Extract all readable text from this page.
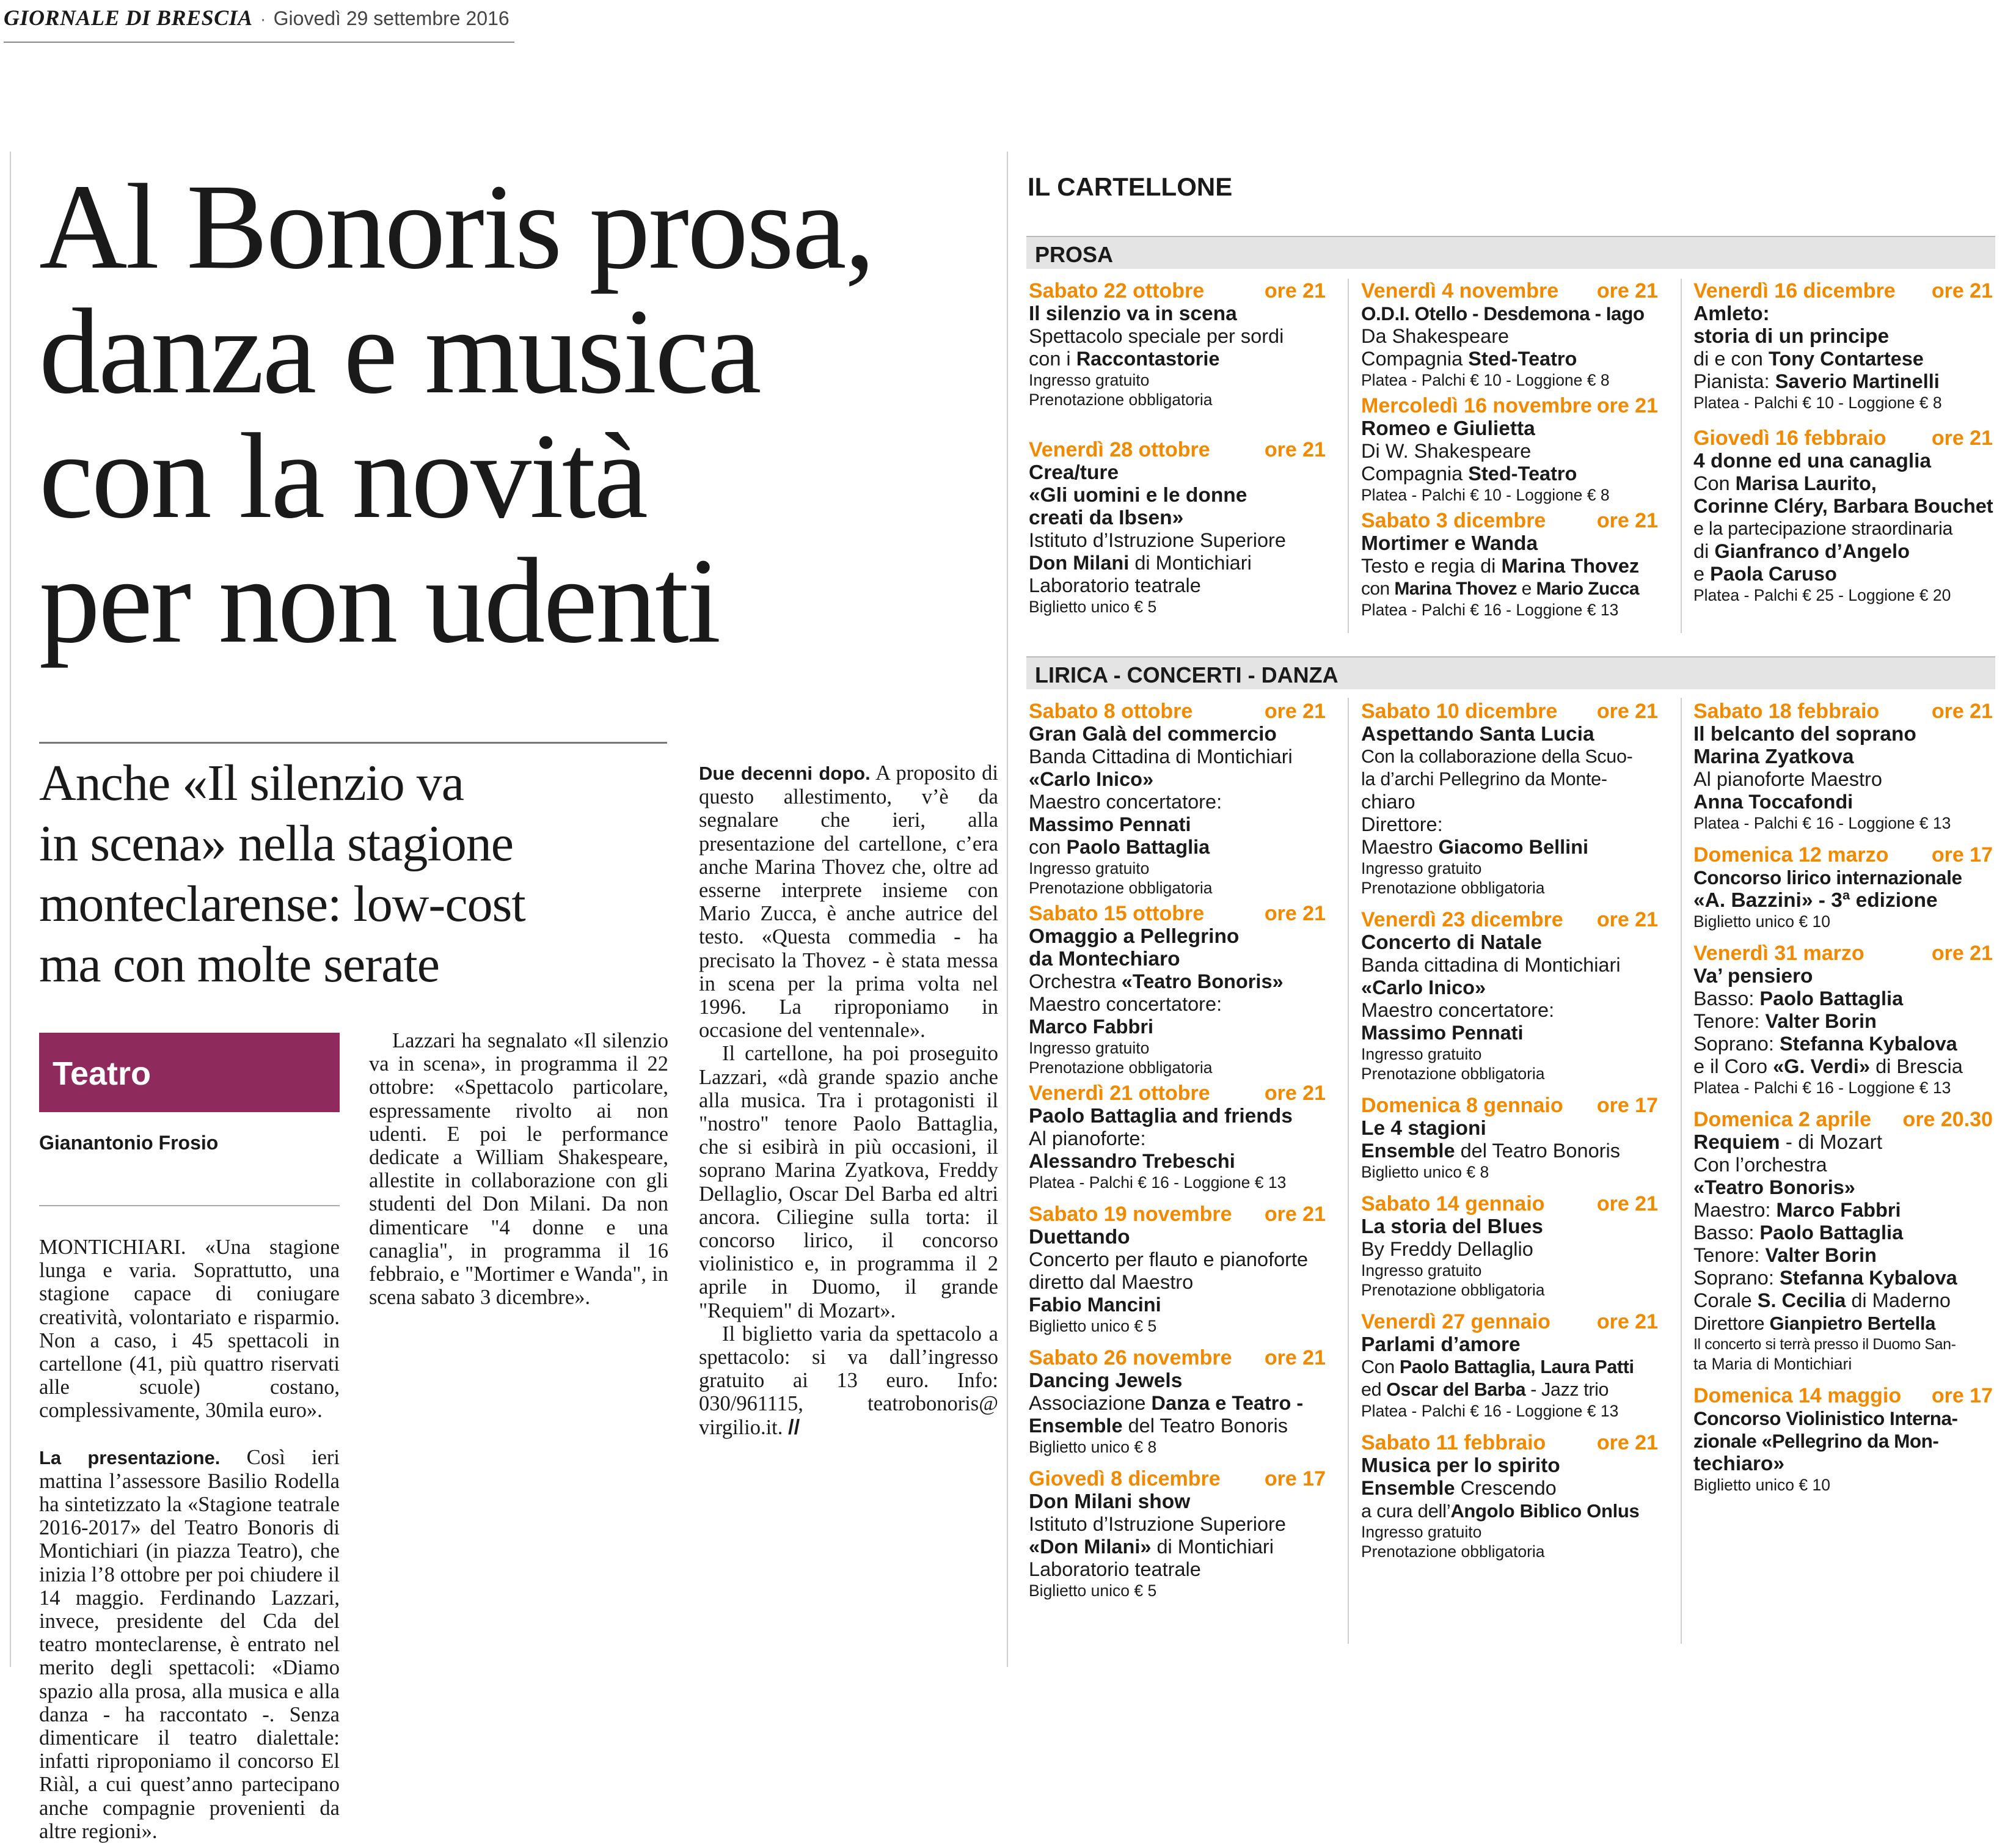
GIORNALE DI BRESCIA · Giovedì 29 settembre 2016
Al Bonoris prosa,
danza e musica
con la novità
per non udenti
Anche «Il silenzio va
in scena» nella stagione
monteclarense: low-cost
ma con molte serate
Teatro
Gianantonio Frosio

MONTICHIARI. «Una stagione lunga e varia. Soprattutto, una stagione capace di coniugare creatività, volontariato e risparmio. Non a caso, i 45 spettacoli in cartellone (41, più quattro riservati alle scuole) costano, complessivamente, 30mila euro».

La presentazione. Così ieri mattina l’assessore Basilio Rodella ha sintetizzato la «Stagione teatrale 2016-2017» del Teatro Bonoris di Montichiari (in piazza Teatro), che inizia l’8 ottobre per poi chiudere il 14 maggio. Ferdinando Lazzari, invece, presidente del Cda del teatro monteclarense, è entrato nel merito degli spettacoli: «Diamo spazio alla prosa, alla musica e alla danza - ha raccontato -. Senza dimenticare il teatro dialettale: infatti riproponiamo il concorso El Riàl, a cui quest’anno partecipano anche compagnie provenienti da altre regioni».

Lazzari ha segnalato «Il silenzio va in scena», in programma il 22 ottobre: «Spettacolo particolare, espressamente rivolto ai non udenti. E poi le performance dedicate a William Shakespeare, allestite in collaborazione con gli studenti del Don Milani. Da non dimenticare "4 donne e una canaglia", in programma il 16 febbraio, e "Mortimer e Wanda", in scena sabato 3 dicembre».

Due decenni dopo. A proposito di questo allestimento, v’è da segnalare che ieri, alla presentazione del cartellone, c’era anche Marina Thovez che, oltre ad esserne interprete insieme con Mario Zucca, è anche autrice del testo. «Questa commedia - ha precisato la Thovez - è stata messa in scena per la prima volta nel 1996. La riproponiamo in occasione del ventennale».

Il cartellone, ha poi proseguito Lazzari, «dà grande spazio anche alla musica. Tra i protagonisti il "nostro" tenore Paolo Battaglia, che si esibirà in più occasioni, il soprano Marina Zyatkova, Freddy Dellaglio, Oscar Del Barba ed altri ancora. Ciliegine sulla torta: il concorso lirico, il concorso violinistico e, in programma il 2 aprile in Duomo, il grande "Requiem" di Mozart».

Il biglietto varia da spettacolo a spettacolo: si va dall’ingresso gratuito ai 13 euro. Info: 030/961115, teatrobonoris@ virgilio.it. //

IL CARTELLONE
PROSA
LIRICA - CONCERTI - DANZA
Sabato 22 ottobre	ore 21
Il silenzio va in scena
Spettacolo speciale per sordi
con i Raccontastorie
Ingresso gratuito
Prenotazione obbligatoria
Venerdì 28 ottobre	ore 21
Crea/ture
«Gli uomini e le donne
creati da Ibsen»
Istituto d’Istruzione Superiore
Don Milani di Montichiari
Laboratorio teatrale
Biglietto unico € 5
Venerdì 4 novembre ore 21
O.D.I. Otello - Desdemona - Iago
Da Shakespeare
Compagnia Sted-Teatro
Platea - Palchi € 10 - Loggione € 8
Mercoledì 16 novembre ore 21
Romeo e Giulietta
Di W. Shakespeare
Compagnia Sted-Teatro
Platea - Palchi € 10 - Loggione € 8
Sabato 3 dicembre ore 21
Mortimer e Wanda
Testo e regia di Marina Thovez
con Marina Thovez e Mario Zucca
Platea - Palchi € 16 - Loggione € 13
Venerdì 16 dicembre ore 21
Amleto:
storia di un principe
di e con Tony Contartese
Pianista: Saverio Martinelli
Platea - Palchi € 10 - Loggione € 8
Giovedì 16 febbraio ore 21
4 donne ed una canaglia
Con Marisa Laurito,
Corinne Cléry, Barbara Bouchet
e la partecipazione straordinaria
di Gianfranco d’Angelo
e Paola Caruso
Platea - Palchi € 25 - Loggione € 20
Sabato 8 ottobre	ore 21
Gran Galà del commercio
Banda Cittadina di Montichiari
«Carlo Inico»
Maestro concertatore:
Massimo Pennati
con Paolo Battaglia
Ingresso gratuito
Prenotazione obbligatoria
Sabato 15 ottobre	ore 21
Omaggio a Pellegrino
da Montechiaro
Orchestra «Teatro Bonoris»
Maestro concertatore:
Marco Fabbri
Ingresso gratuito
Prenotazione obbligatoria
Venerdì 21 ottobre	ore 21
Paolo Battaglia and friends
Al pianoforte:
Alessandro Trebeschi
Platea - Palchi € 16 - Loggione € 13
Sabato 19 novembre ore 21
Duettando
Concerto per flauto e pianoforte
diretto dal Maestro
Fabio Mancini
Biglietto unico € 5
Sabato 26 novembre ore 21
Dancing Jewels
Associazione Danza e Teatro -
Ensemble del Teatro Bonoris
Biglietto unico € 8
Giovedì 8 dicembre ore 17
Don Milani show
Istituto d’Istruzione Superiore
«Don Milani» di Montichiari
Laboratorio teatrale
Biglietto unico € 5
Sabato 10 dicembre ore 21
Aspettando Santa Lucia
Con la collaborazione della Scuo-
la d’archi Pellegrino da Monte-
chiaro
Direttore:
Maestro Giacomo Bellini
Ingresso gratuito
Prenotazione obbligatoria
Venerdì 23 dicembre ore 21
Concerto di Natale
Banda cittadina di Montichiari
«Carlo Inico»
Maestro concertatore:
Massimo Pennati
Ingresso gratuito
Prenotazione obbligatoria
Domenica 8 gennaio ore 17
Le 4 stagioni
Ensemble del Teatro Bonoris
Biglietto unico € 8
Sabato 14 gennaio	ore 21
La storia del Blues
By Freddy Dellaglio
Ingresso gratuito
Prenotazione obbligatoria
Venerdì 27 gennaio ore 21
Parlami d’amore
Con Paolo Battaglia, Laura Patti
ed Oscar del Barba - Jazz trio
Platea - Palchi € 16 - Loggione € 13
Sabato 11 febbraio ore 21
Musica per lo spirito
Ensemble Crescendo
a cura dell’Angolo Biblico Onlus
Ingresso gratuito
Prenotazione obbligatoria
Sabato 18 febbraio	ore 21
Il belcanto del soprano
Marina Zyatkova
Al pianoforte Maestro
Anna Toccafondi
Platea - Palchi € 16 - Loggione € 13
Domenica 12 marzo ore 17
Concorso lirico internazionale
«A. Bazzini» - 3ª edizione
Biglietto unico € 10
Venerdì 31 marzo	ore 21
Va’ pensiero
Basso: Paolo Battaglia
Tenore: Valter Borin
Soprano: Stefanna Kybalova
e il Coro «G. Verdi» di Brescia
Platea - Palchi € 16 - Loggione € 13
Domenica 2 aprile ore 20.30
Requiem - di Mozart
Con l’orchestra
«Teatro Bonoris»
Maestro: Marco Fabbri
Basso: Paolo Battaglia
Tenore: Valter Borin
Soprano: Stefanna Kybalova
Corale S. Cecilia di Maderno
Direttore Gianpietro Bertella
Il concerto si terrà presso il Duomo San-
ta Maria di Montichiari
Domenica 14 maggio ore 17
Concorso Violinistico Interna-
zionale «Pellegrino da Mon-
techiaro»
Biglietto unico € 10
